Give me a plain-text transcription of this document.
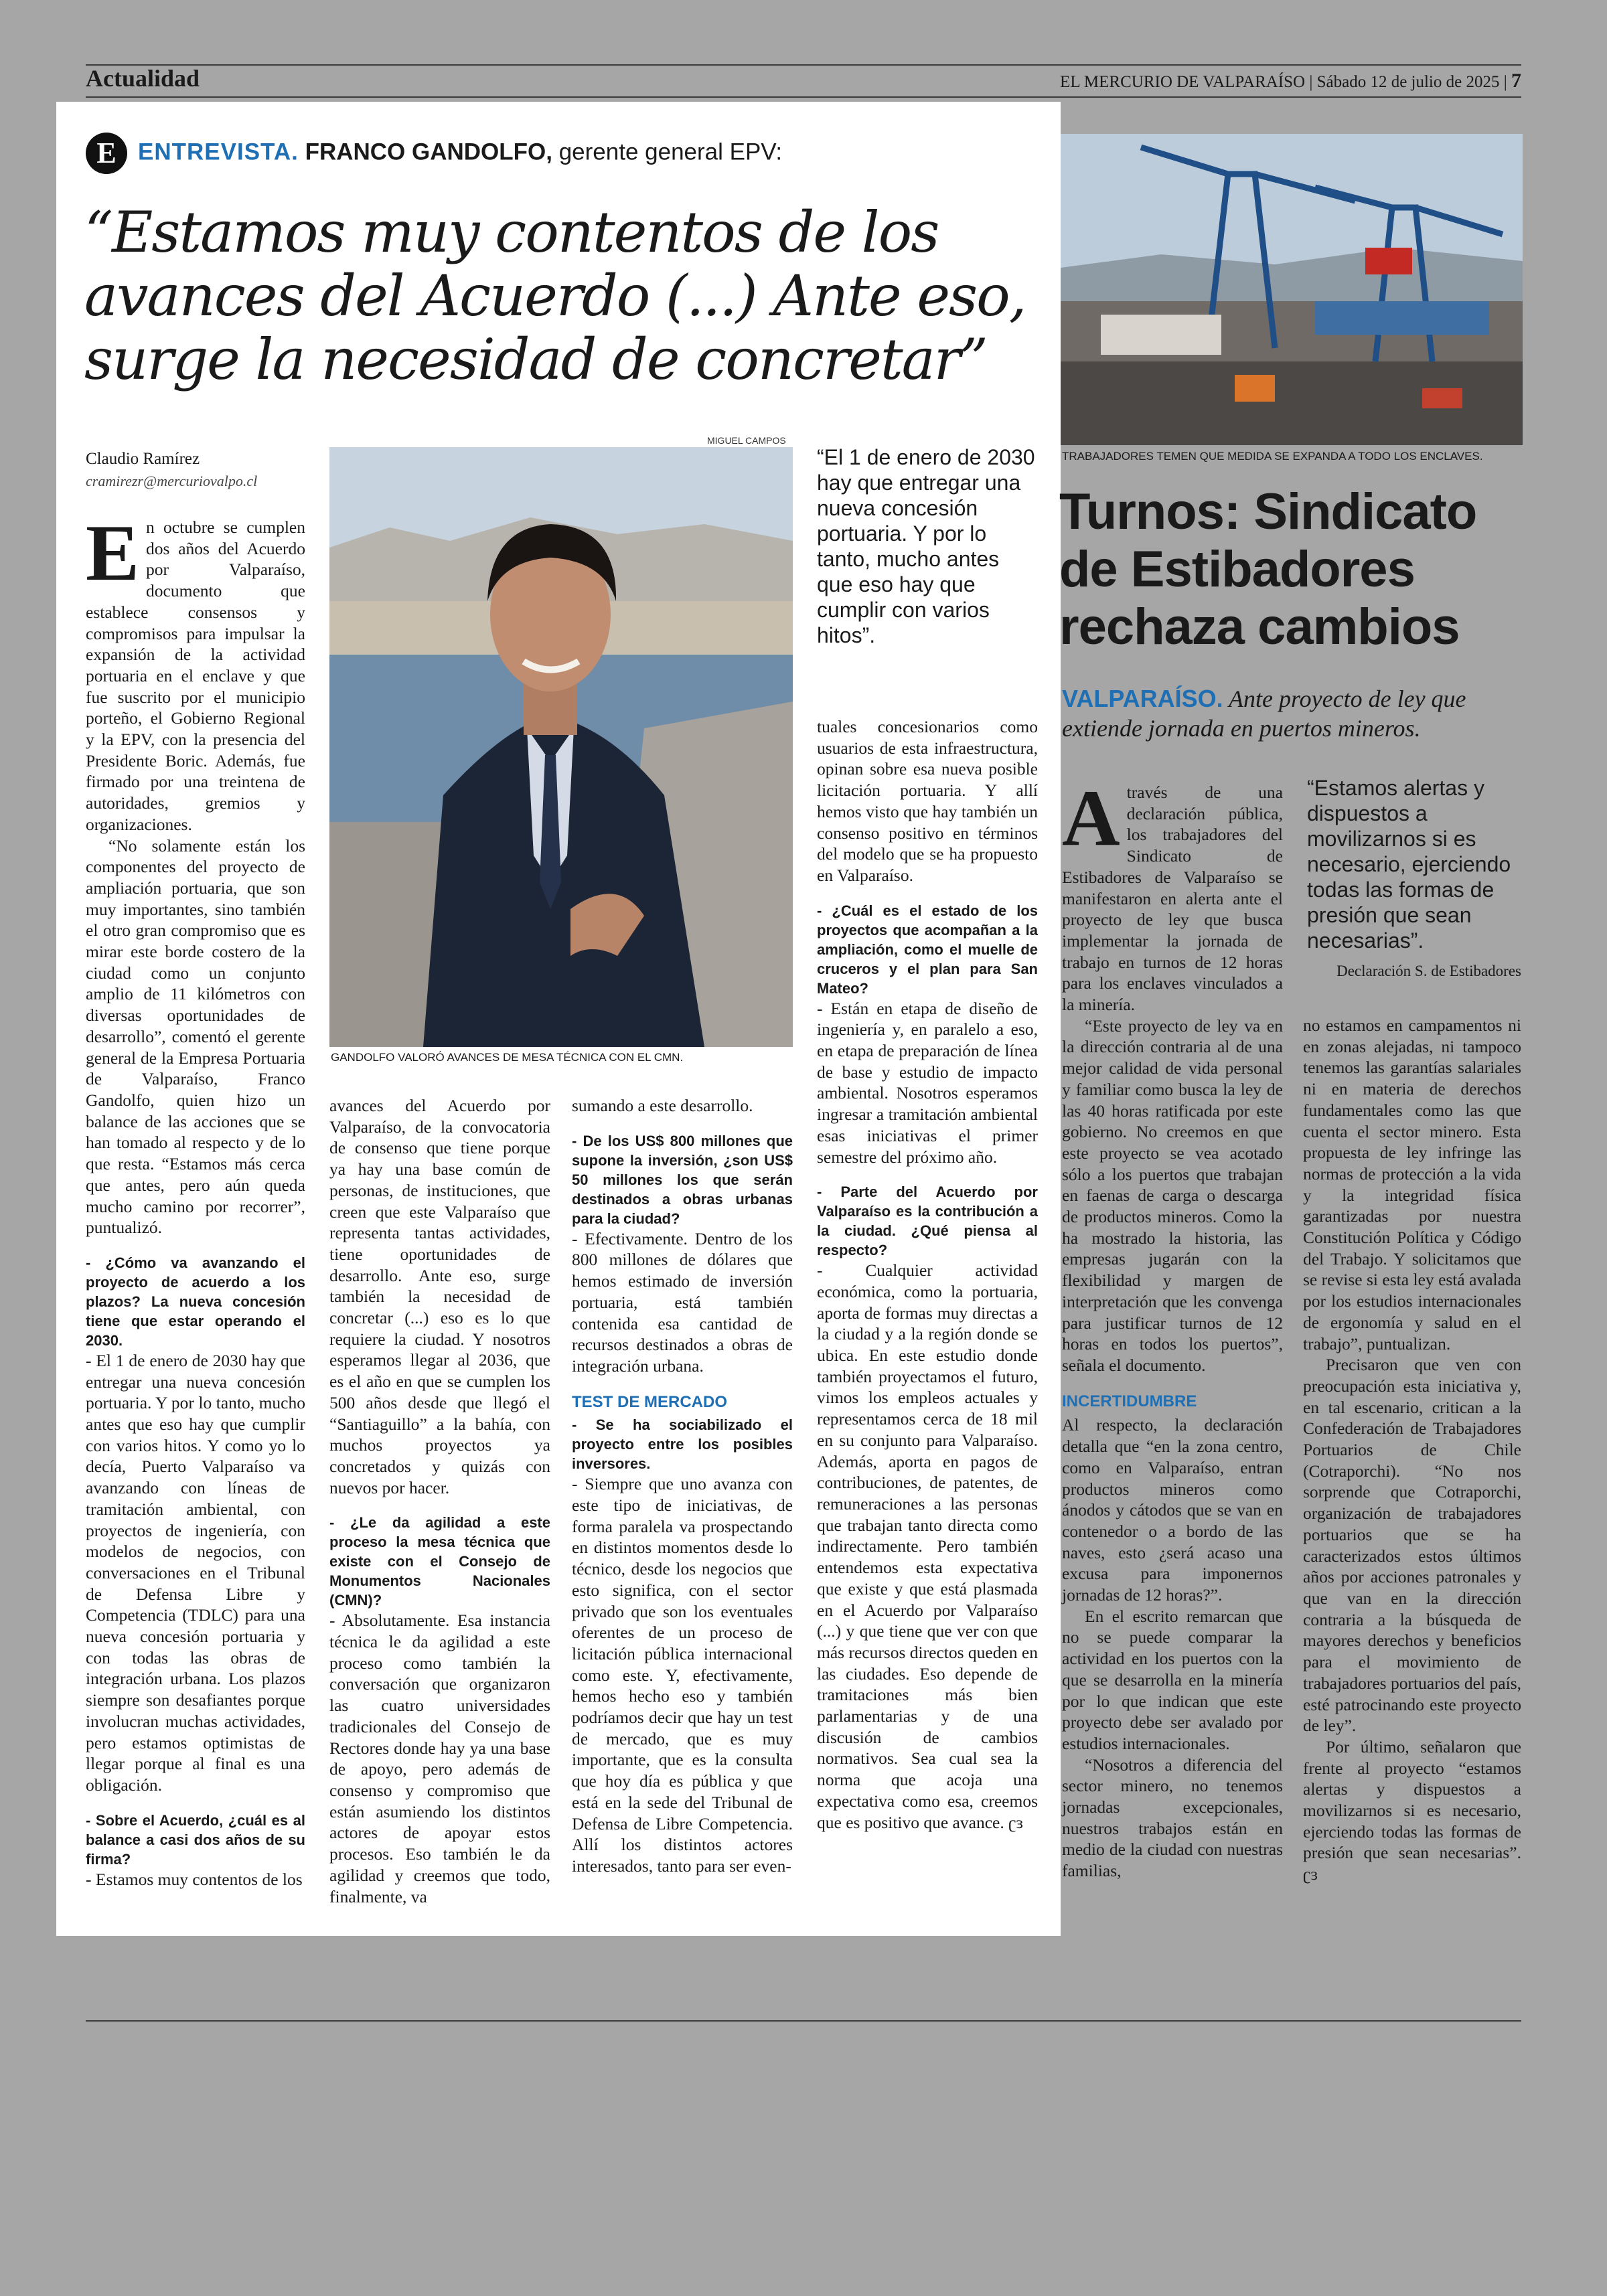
Actualidad	EL MERCURIO DE VALPARAÍSO | Sábado 12 de julio de 2025 | 7
E ENTREVISTA. FRANCO GANDOLFO, gerente general EPV:
“Estamos muy contentos de los avances del Acuerdo (...) Ante eso, surge la necesidad de concretar”
Claudio Ramírez
cramirezr@mercuriovalpo.cl

En octubre se cumplen dos años del Acuerdo por Valparaíso, documento que establece consensos y compromisos para impulsar la expansión de la actividad portuaria en el enclave y que fue suscrito por el municipio porteño, el Gobierno Regional y la EPV, con la presencia del Presidente Boric. Además, fue firmado por una treintena de autoridades, gremios y organizaciones.

“No solamente están los componentes del proyecto de ampliación portuaria, que son muy importantes, sino también el otro gran compromiso que es mirar este borde costero de la ciudad como un conjunto amplio de 11 kilómetros con diversas oportunidades de desarrollo”, comentó el gerente general de la Empresa Portuaria de Valparaíso, Franco Gandolfo, quien hizo un balance de las acciones que se han tomado al respecto y de lo que resta. “Estamos más cerca que antes, pero aún queda mucho camino por recorrer”, puntualizó.

- ¿Cómo va avanzando el proyecto de acuerdo a los plazos? La nueva concesión tiene que estar operando el 2030.

- El 1 de enero de 2030 hay que entregar una nueva concesión portuaria. Y por lo tanto, mucho antes que eso hay que cumplir con varios hitos. Y como yo lo decía, Puerto Valparaíso va avanzando con líneas de tramitación ambiental, con proyectos de ingeniería, con modelos de negocios, con conversaciones en el Tribunal de Defensa Libre y Competencia (TDLC) para una nueva concesión portuaria y con todas las obras de integración urbana. Los plazos siempre son desafiantes porque involucran muchas actividades, pero estamos optimistas de llegar porque al final es una obligación.

- Sobre el Acuerdo, ¿cuál es al balance a casi dos años de su firma?

- Estamos muy contentos de los

MIGUEL CAMPOS
GANDOLFO VALORÓ AVANCES DE MESA TÉCNICA CON EL CMN.
“El 1 de enero de 2030 hay que entregar una nueva concesión portuaria. Y por lo tanto, mucho antes que eso hay que cumplir con varios hitos”.

avances del Acuerdo por Valparaíso, de la convocatoria de consenso que tiene porque ya hay una base común de personas, de instituciones, que creen que este Valparaíso que representa tantas actividades, tiene oportunidades de desarrollo. Ante eso, surge también la necesidad de concretar (...) eso es lo que requiere la ciudad. Y nosotros esperamos llegar al 2036, que es el año en que se cumplen los 500 años desde que llegó el “Santiaguillo” a la bahía, con muchos proyectos ya concretados y quizás con nuevos por hacer.

- ¿Le da agilidad a este proceso la mesa técnica que existe con el Consejo de Monumentos Nacionales (CMN)?

- Absolutamente. Esa instancia técnica le da agilidad a este proceso como también la conversación que organizaron las cuatro universidades tradicionales del Consejo de Rectores donde hay ya una base de apoyo, pero además de consenso y compromiso que están asumiendo los distintos actores de apoyar estos procesos. Eso también le da agilidad y creemos que todo, finalmente, va

sumando a este desarrollo.

- De los US$ 800 millones que supone la inversión, ¿son US$ 50 millones los que serán destinados a obras urbanas para la ciudad?

- Efectivamente. Dentro de los 800 millones de dólares que hemos estimado de inversión portuaria, está también contenida esa cantidad de recursos destinados a obras de integración urbana.

TEST DE MERCADO

- Se ha sociabilizado el proyecto entre los posibles inversores.

- Siempre que uno avanza con este tipo de iniciativas, de forma paralela va prospectando en distintos momentos desde lo técnico, desde los negocios que esto significa, con el sector privado que son los eventuales oferentes de un proceso de licitación pública internacional como este. Y, efectivamente, hemos hecho eso y también podríamos decir que hay un test de mercado, que es muy importante, que es la consulta que hoy día es pública y que está en la sede del Tribunal de Defensa de Libre Competencia. Allí los distintos actores interesados, tanto para ser even-

tuales concesionarios como usuarios de esta infraestructura, opinan sobre esa nueva posible licitación portuaria. Y allí hemos visto que hay también un consenso positivo en términos del modelo que se ha propuesto en Valparaíso.

- ¿Cuál es el estado de los proyectos que acompañan a la ampliación, como el muelle de cruceros y el plan para San Mateo?

- Están en etapa de diseño de ingeniería y, en paralelo a eso, en etapa de preparación de línea de base y estudio de impacto ambiental. Nosotros esperamos ingresar a tramitación ambiental esas iniciativas el primer semestre del próximo año.

- Parte del Acuerdo por Valparaíso es la contribución a la ciudad. ¿Qué piensa al respecto?

- Cualquier actividad económica, como la portuaria, aporta de formas muy directas a la ciudad y a la región donde se ubica. En este estudio donde también proyectamos el futuro, vimos los empleos actuales y representamos cerca de 18 mil en su conjunto para Valparaíso. Además, aporta en pagos de contribuciones, de patentes, de remuneraciones a las personas que trabajan tanto directa como indirectamente. Pero también entendemos esta expectativa que existe y que está plasmada en el Acuerdo por Valparaíso (...) y que tiene que ver con que más recursos directos queden en las ciudades. Eso depende de tramitaciones más bien parlamentarias y de una discusión de cambios normativos. Sea cual sea la norma que acoja una expectativa como esa, creemos que es positivo que avance. ʗɜ

TRABAJADORES TEMEN QUE MEDIDA SE EXPANDA A TODO LOS ENCLAVES.
Turnos: Sindicato de Estibadores rechaza cambios
VALPARAÍSO. Ante proyecto de ley que extiende jornada en puertos mineros.
“Estamos alertas y dispuestos a movilizarnos si es necesario, ejerciendo todas las formas de presión que sean necesarias”.
Declaración S. de Estibadores

Através de una declaración pública, los trabajadores del Sindicato de Estibadores de Valparaíso se manifestaron en alerta ante el proyecto de ley que busca implementar la jornada de trabajo en turnos de 12 horas para los enclaves vinculados a la minería.

“Este proyecto de ley va en la dirección contraria al de una mejor calidad de vida personal y familiar como busca la ley de las 40 horas ratificada por este gobierno. No creemos en que este proyecto se vea acotado sólo a los puertos que trabajan en faenas de carga o descarga de productos mineros. Como la ha mostrado la historia, las empresas jugarán con la flexibilidad y margen de interpretación que les convenga para justificar turnos de 12 horas en todos los puertos”, señala el documento.

INCERTIDUMBRE

Al respecto, la declaración detalla que “en la zona centro, como en Valparaíso, entran productos mineros como ánodos y cátodos que se van en contenedor o a bordo de las naves, esto ¿será acaso una excusa para imponernos jornadas de 12 horas?”.

En el escrito remarcan que no se puede comparar la actividad en los puertos con la que se desarrolla en la minería por lo que indican que este proyecto debe ser avalado por estudios internacionales.

“Nosotros a diferencia del sector minero, no tenemos jornadas excepcionales, nuestros trabajos están en medio de la ciudad con nuestras familias,

no estamos en campamentos ni en zonas alejadas, ni tampoco tenemos las garantías salariales ni en materia de derechos fundamentales como las que cuenta el sector minero. Esta propuesta de ley infringe las normas de protección a la vida y la integridad física garantizadas por nuestra Constitución Política y Código del Trabajo. Y solicitamos que se revise si esta ley está avalada por los estudios internacionales de ergonomía y salud en el trabajo”, puntualizan.

Precisaron que ven con preocupación esta iniciativa y, en tal escenario, critican a la Confederación de Trabajadores Portuarios de Chile (Cotraporchi). “No nos sorprende que Cotraporchi, organización de trabajadores portuarios que se ha caracterizados estos últimos años por acciones patronales y que van en la dirección contraria a la búsqueda de mayores derechos y beneficios para el movimiento de trabajadores portuarios del país, esté patrocinando este proyecto de ley”.

Por último, señalaron que frente al proyecto “estamos alertas y dispuestos a movilizarnos si es necesario, ejerciendo todas las formas de presión que sean necesarias”. ʗɜ
